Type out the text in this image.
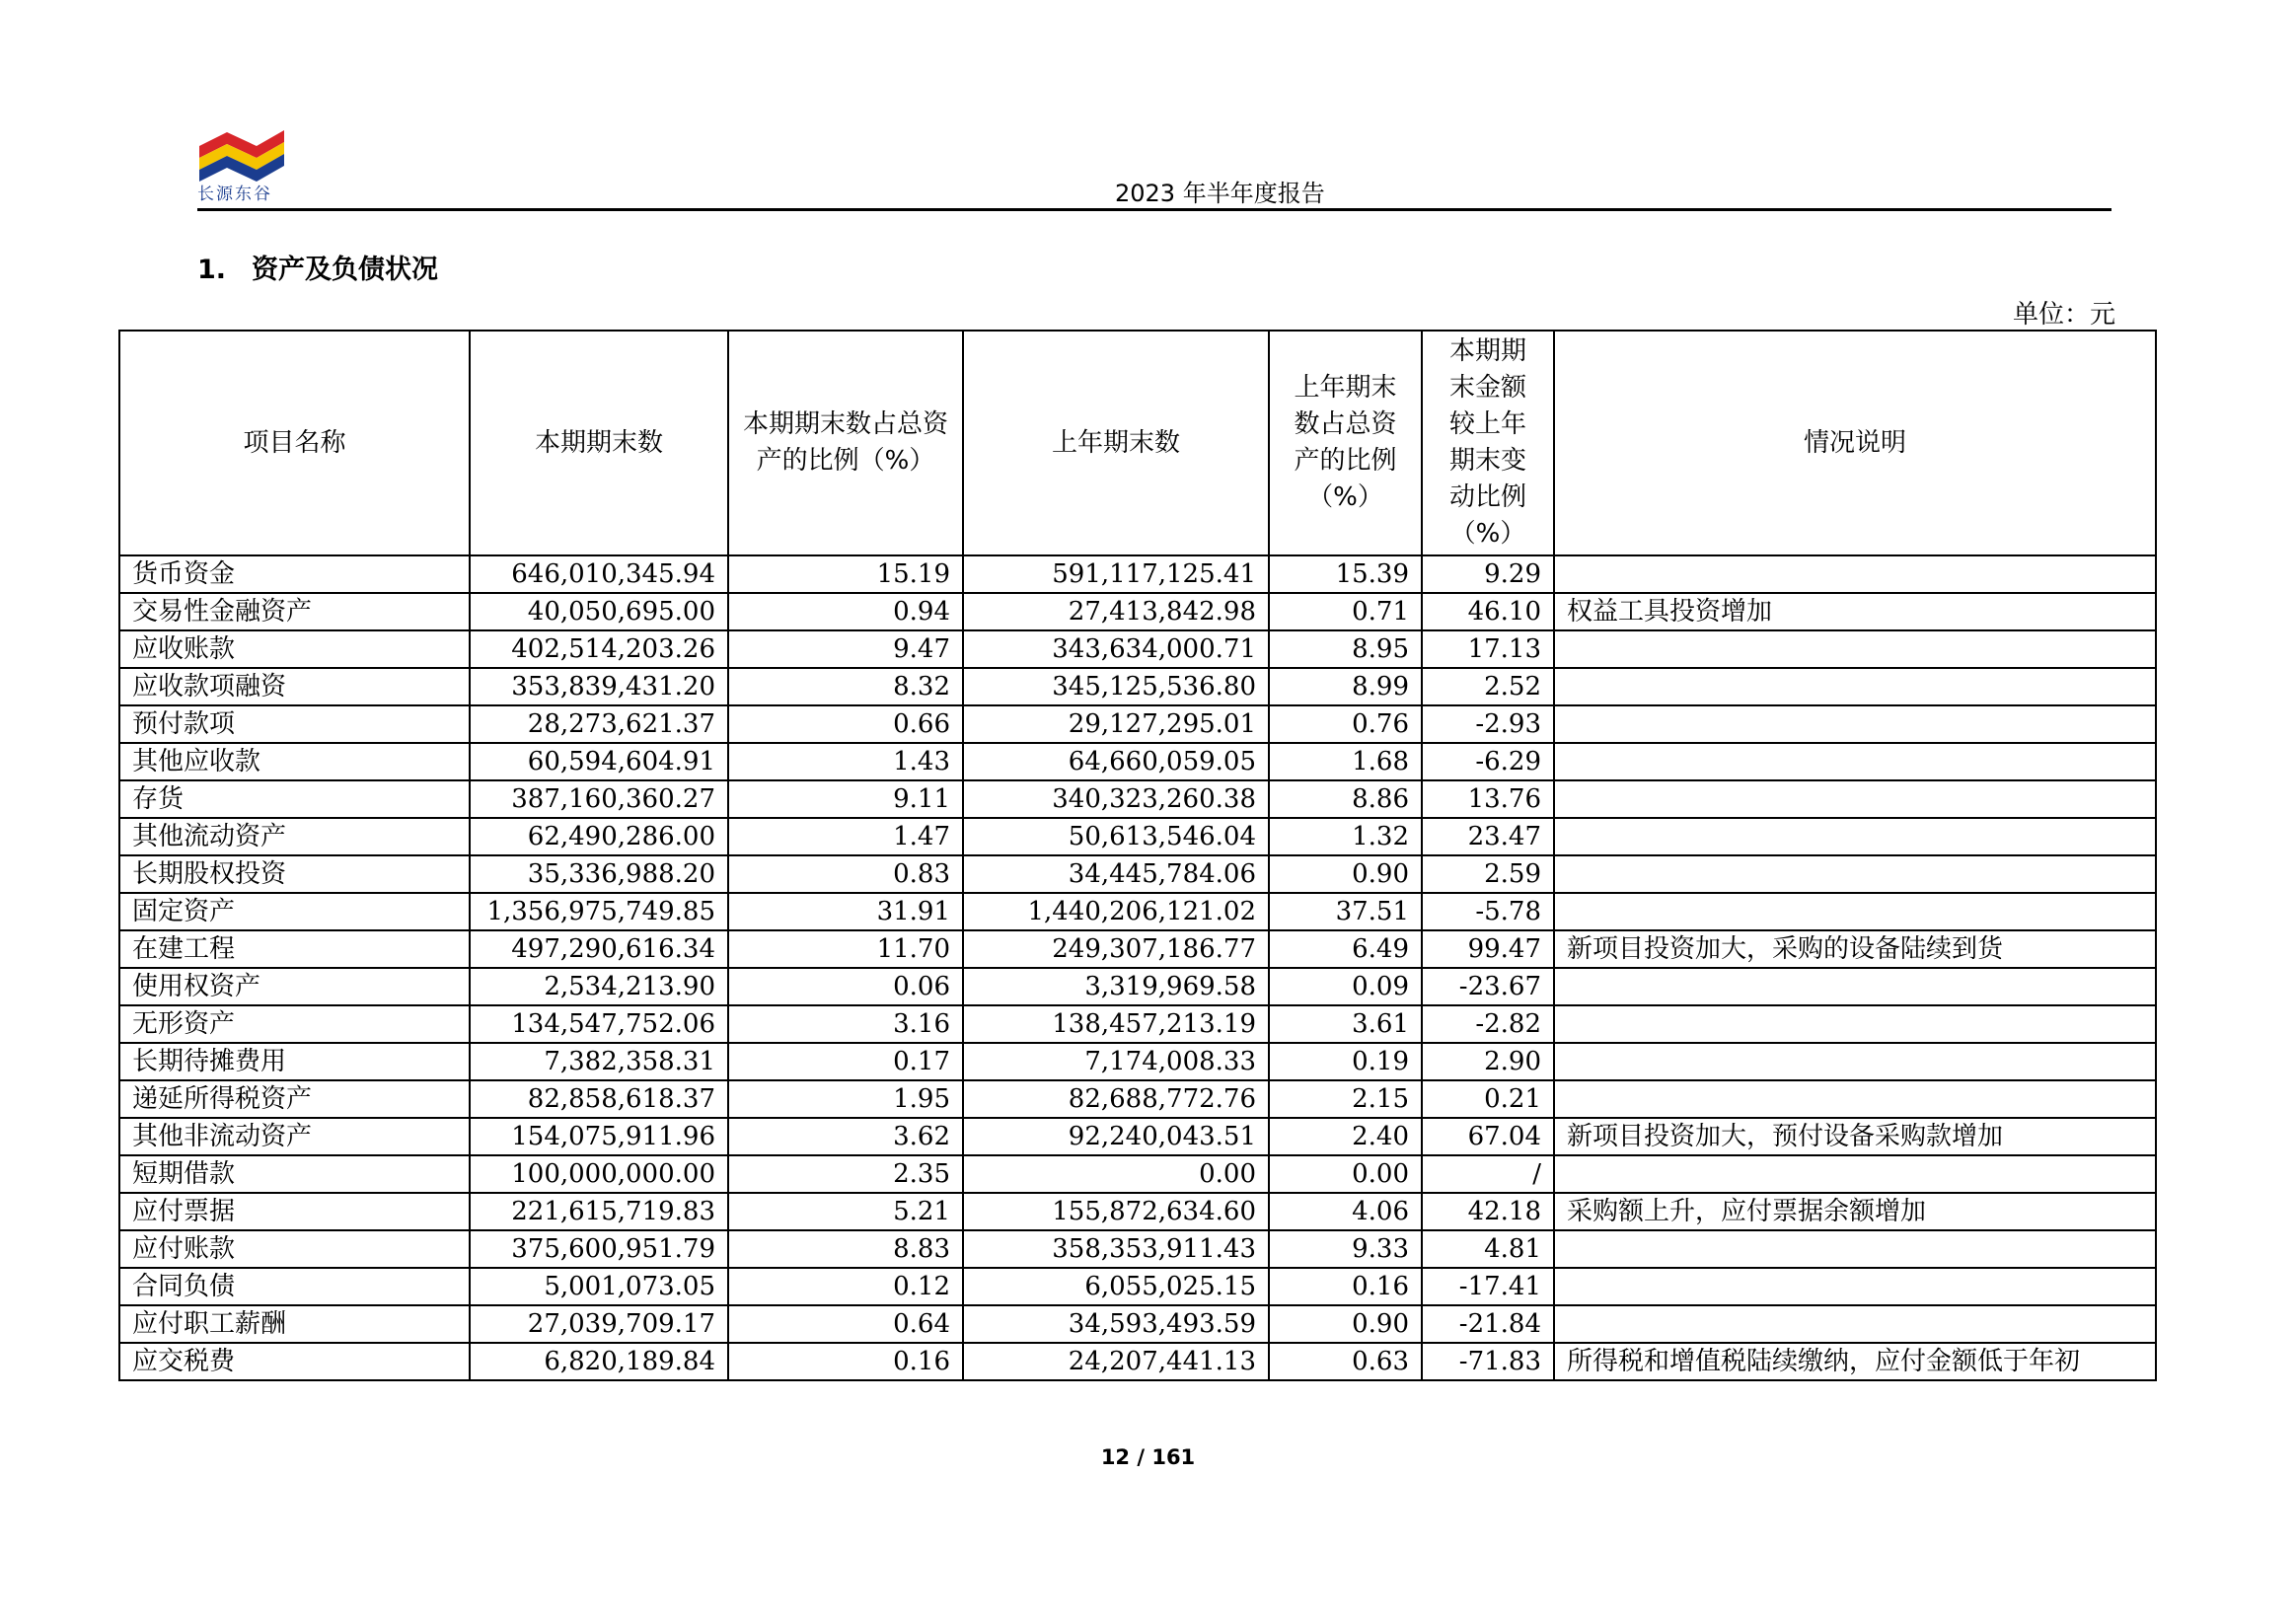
长源东谷	2023 年半年度报告
1. 资产及负债状况
单位：元
项目名称	本期期末数	本期期末数占总资产的比例（%）	上年期末数	上年期末数占总资产的比例（%）	本期期末金额较上年期末变动比例（%）	情况说明
货币资金	646,010,345.94	15.19	591,117,125.41	15.39	9.29	
交易性金融资产	40,050,695.00	0.94	27,413,842.98	0.71	46.10	权益工具投资增加
应收账款	402,514,203.26	9.47	343,634,000.71	8.95	17.13	
应收款项融资	353,839,431.20	8.32	345,125,536.80	8.99	2.52	
预付款项	28,273,621.37	0.66	29,127,295.01	0.76	-2.93	
其他应收款	60,594,604.91	1.43	64,660,059.05	1.68	-6.29	
存货	387,160,360.27	9.11	340,323,260.38	8.86	13.76	
其他流动资产	62,490,286.00	1.47	50,613,546.04	1.32	23.47	
长期股权投资	35,336,988.20	0.83	34,445,784.06	0.90	2.59	
固定资产	1,356,975,749.85	31.91	1,440,206,121.02	37.51	-5.78	
在建工程	497,290,616.34	11.70	249,307,186.77	6.49	99.47	新项目投资加大，采购的设备陆续到货
使用权资产	2,534,213.90	0.06	3,319,969.58	0.09	-23.67	
无形资产	134,547,752.06	3.16	138,457,213.19	3.61	-2.82	
长期待摊费用	7,382,358.31	0.17	7,174,008.33	0.19	2.90	
递延所得税资产	82,858,618.37	1.95	82,688,772.76	2.15	0.21	
其他非流动资产	154,075,911.96	3.62	92,240,043.51	2.40	67.04	新项目投资加大，预付设备采购款增加
短期借款	100,000,000.00	2.35	0.00	0.00	/	
应付票据	221,615,719.83	5.21	155,872,634.60	4.06	42.18	采购额上升，应付票据余额增加
应付账款	375,600,951.79	8.83	358,353,911.43	9.33	4.81	
合同负债	5,001,073.05	0.12	6,055,025.15	0.16	-17.41	
应付职工薪酬	27,039,709.17	0.64	34,593,493.59	0.90	-21.84	
应交税费	6,820,189.84	0.16	24,207,441.13	0.63	-71.83	所得税和增值税陆续缴纳，应付金额低于年初
12 / 161
